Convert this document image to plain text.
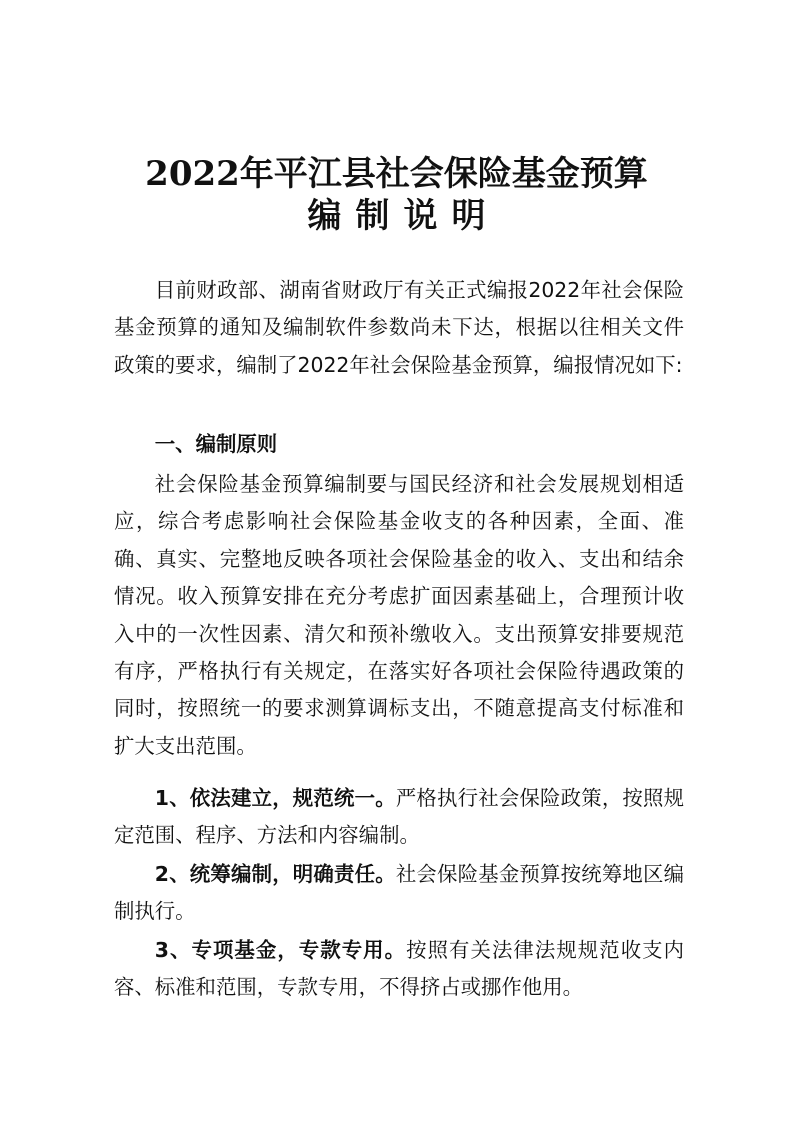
2022年平江县社会保险基金预算
编制说明

目前财政部、湖南省财政厅有关正式编报2022年社会保险基金预算的通知及编制软件参数尚未下达，根据以往相关文件政策的要求，编制了2022年社会保险基金预算，编报情况如下:

一、编制原则

社会保险基金预算编制要与国民经济和社会发展规划相适应，综合考虑影响社会保险基金收支的各种因素，全面、准确、真实、完整地反映各项社会保险基金的收入、支出和结余情况。收入预算安排在充分考虑扩面因素基础上，合理预计收入中的一次性因素、清欠和预补缴收入。支出预算安排要规范有序，严格执行有关规定，在落实好各项社会保险待遇政策的同时，按照统一的要求测算调标支出，不随意提高支付标准和扩大支出范围。

1、依法建立，规范统一。严格执行社会保险政策，按照规定范围、程序、方法和内容编制。

2、统筹编制，明确责任。社会保险基金预算按统筹地区编制执行。

3、专项基金，专款专用。按照有关法律法规规范收支内容、标准和范围，专款专用，不得挤占或挪作他用。
